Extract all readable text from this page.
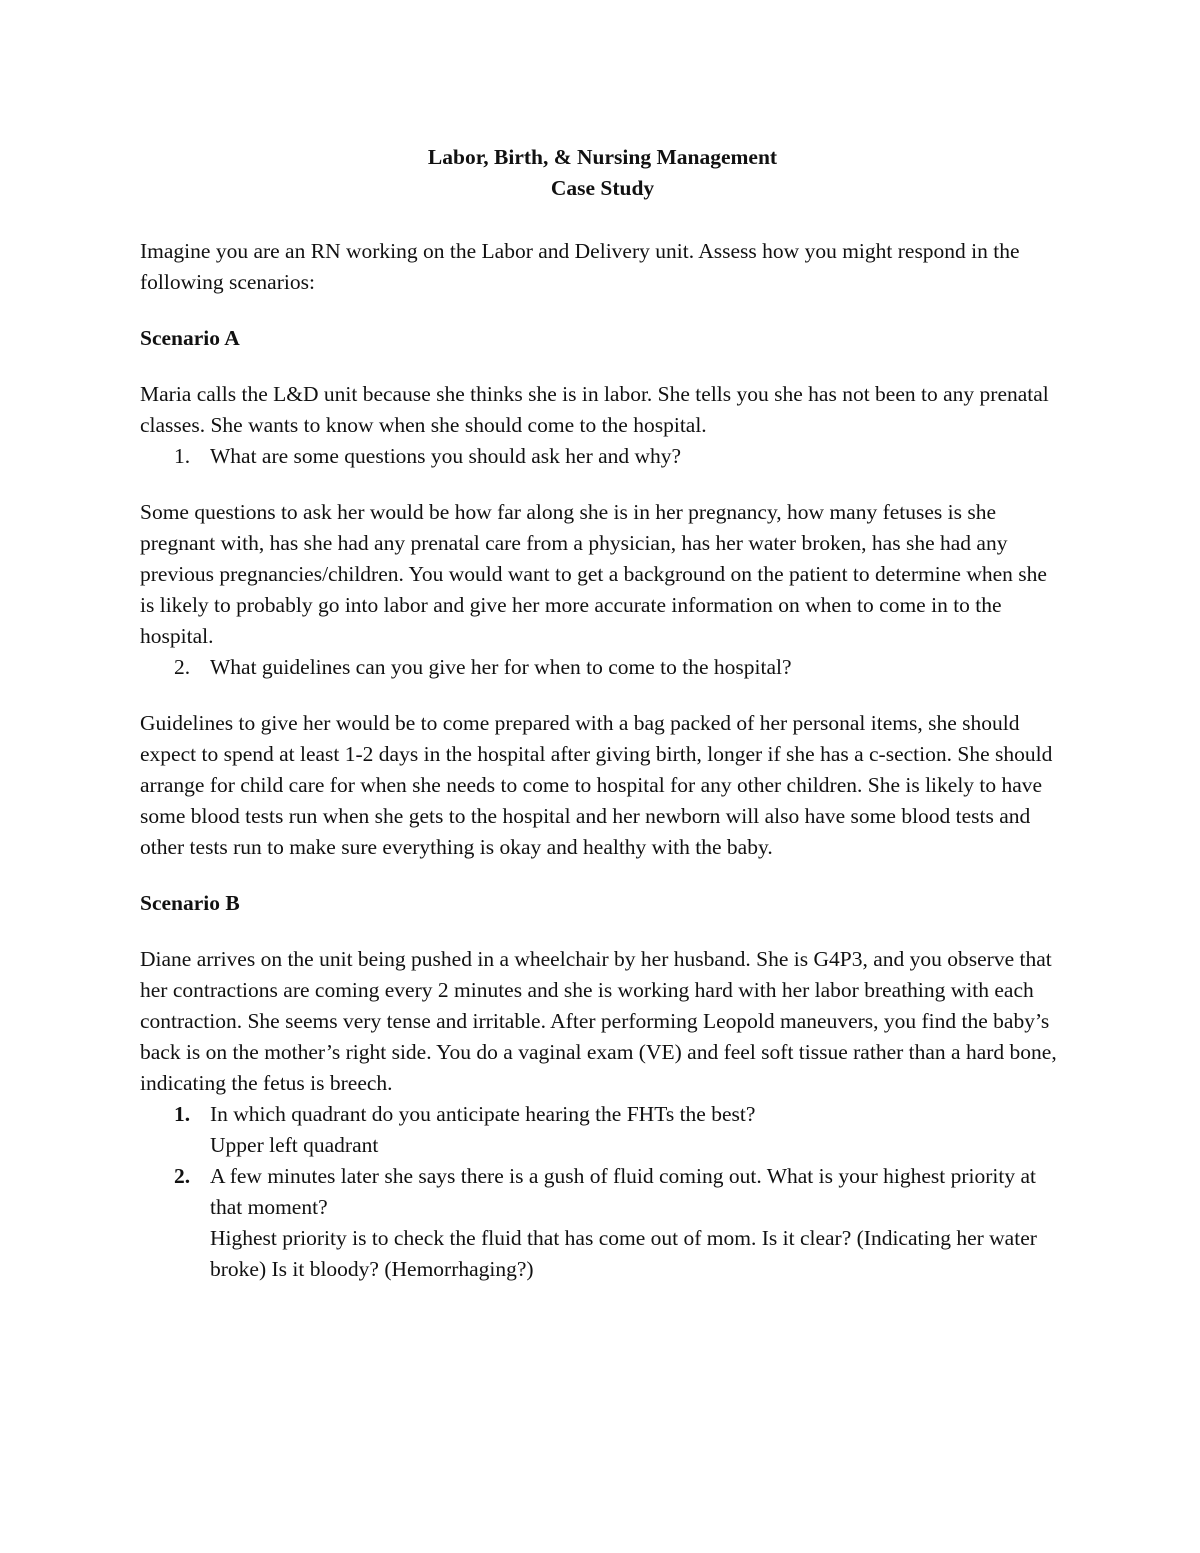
Labor, Birth, & Nursing Management

Case Study

Imagine you are an RN working on the Labor and Delivery unit. Assess how you might respond in the following scenarios:

Scenario A

Maria calls the L&D unit because she thinks she is in labor. She tells you she has not been to any prenatal classes. She wants to know when she should come to the hospital.

1. What are some questions you should ask her and why?

Some questions to ask her would be how far along she is in her pregnancy, how many fetuses is she pregnant with, has she had any prenatal care from a physician, has her water broken, has she had any previous pregnancies/children. You would want to get a background on the patient to determine when she is likely to probably go into labor and give her more accurate information on when to come in to the hospital.

2. What guidelines can you give her for when to come to the hospital?

Guidelines to give her would be to come prepared with a bag packed of her personal items, she should expect to spend at least 1-2 days in the hospital after giving birth, longer if she has a c-section. She should arrange for child care for when she needs to come to hospital for any other children. She is likely to have some blood tests run when she gets to the hospital and her newborn will also have some blood tests and other tests run to make sure everything is okay and healthy with the baby.

Scenario B

Diane arrives on the unit being pushed in a wheelchair by her husband. She is G4P3, and you observe that her contractions are coming every 2 minutes and she is working hard with her labor breathing with each contraction. She seems very tense and irritable. After performing Leopold maneuvers, you find the baby’s back is on the mother’s right side. You do a vaginal exam (VE) and feel soft tissue rather than a hard bone, indicating the fetus is breech.

1. In which quadrant do you anticipate hearing the FHTs the best?
Upper left quadrant
2. A few minutes later she says there is a gush of fluid coming out. What is your highest priority at that moment?
Highest priority is to check the fluid that has come out of mom. Is it clear? (Indicating her water broke) Is it bloody? (Hemorrhaging?)
